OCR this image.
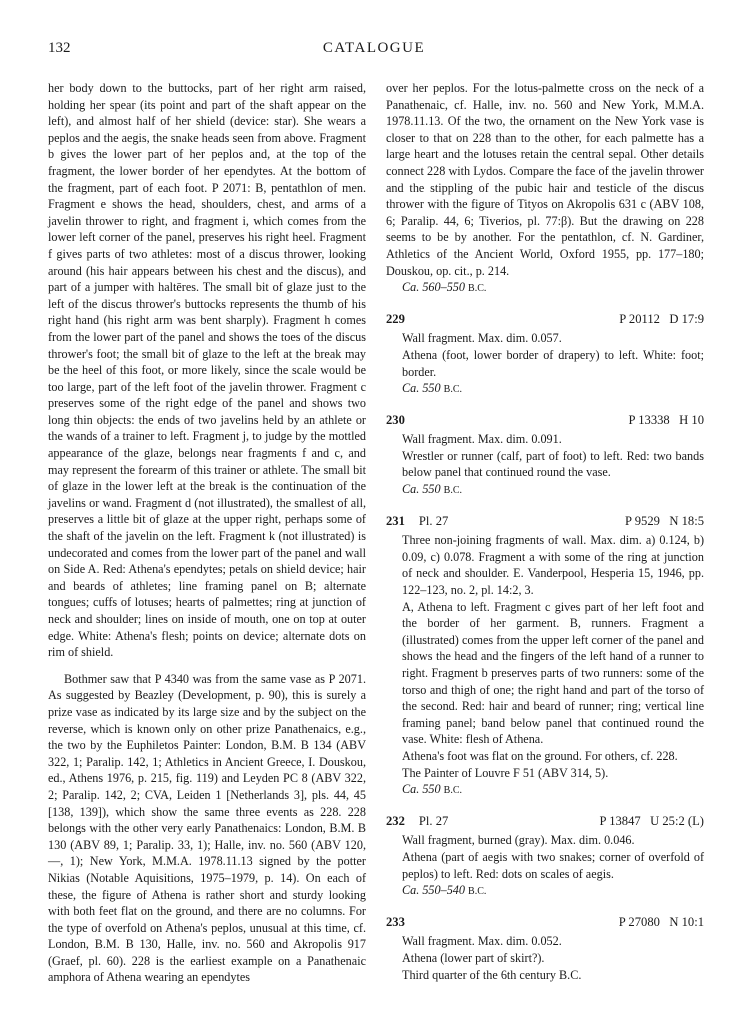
132	CATALOGUE

her body down to the buttocks, part of her right arm raised, holding her spear (its point and part of the shaft appear on the left), and almost half of her shield (device: star). She wears a peplos and the aegis, the snake heads seen from above. Fragment b gives the lower part of her peplos and, at the top of the fragment, the lower border of her ependytes. At the bottom of the fragment, part of each foot. P 2071: B, pentathlon of men. Fragment e shows the head, shoulders, chest, and arms of a javelin thrower to right, and fragment i, which comes from the lower left corner of the panel, preserves his right heel. Fragment f gives parts of two athletes: most of a discus thrower, looking around (his hair appears between his chest and the discus), and part of a jumper with haltēres. The small bit of glaze just to the left of the discus thrower's buttocks represents the thumb of his right hand (his right arm was bent sharply). Fragment h comes from the lower part of the panel and shows the toes of the discus thrower's foot; the small bit of glaze to the left at the break may be the heel of this foot, or more likely, since the scale would be too large, part of the left foot of the javelin thrower. Fragment c preserves some of the right edge of the panel and shows two long thin objects: the ends of two javelins held by an athlete or the wands of a trainer to left. Fragment j, to judge by the mottled appearance of the glaze, belongs near fragments f and c, and may represent the forearm of this trainer or athlete. The small bit of glaze in the lower left at the break is the continuation of the javelins or wand. Fragment d (not illustrated), the smallest of all, preserves a little bit of glaze at the upper right, perhaps some of the shaft of the javelin on the left. Fragment k (not illustrated) is undecorated and comes from the lower part of the panel and wall on Side A. Red: Athena's ependytes; petals on shield device; hair and beards of athletes; line framing panel on B; alternate tongues; cuffs of lotuses; hearts of palmettes; ring at junction of neck and shoulder; lines on inside of mouth, one on top at outer edge. White: Athena's flesh; points on device; alternate dots on rim of shield.

Bothmer saw that P 4340 was from the same vase as P 2071. As suggested by Beazley (Development, p. 90), this is surely a prize vase as indicated by its large size and by the subject on the reverse, which is known only on other prize Panathenaics, e.g., the two by the Euphiletos Painter: London, B.M. B 134 (ABV 322, 1; Paralip. 142, 1; Athletics in Ancient Greece, I. Douskou, ed., Athens 1976, p. 215, fig. 119) and Leyden PC 8 (ABV 322, 2; Paralip. 142, 2; CVA, Leiden 1 [Netherlands 3], pls. 44, 45 [138, 139]), which show the same three events as 228. 228 belongs with the other very early Panathenaics: London, B.M. B 130 (ABV 89, 1; Paralip. 33, 1); Halle, inv. no. 560 (ABV 120, —, 1); New York, M.M.A. 1978.11.13 signed by the potter Nikias (Notable Aquisitions, 1975–1979, p. 14). On each of these, the figure of Athena is rather short and sturdy looking with both feet flat on the ground, and there are no columns. For the type of overfold on Athena's peplos, unusual at this time, cf. London, B.M. B 130, Halle, inv. no. 560 and Akropolis 917 (Graef, pl. 60). 228 is the earliest example on a Panathenaic amphora of Athena wearing an ependytes

over her peplos. For the lotus-palmette cross on the neck of a Panathenaic, cf. Halle, inv. no. 560 and New York, M.M.A. 1978.11.13. Of the two, the ornament on the New York vase is closer to that on 228 than to the other, for each palmette has a large heart and the lotuses retain the central sepal. Other details connect 228 with Lydos. Compare the face of the javelin thrower and the stippling of the pubic hair and testicle of the discus thrower with the figure of Tityos on Akropolis 631 c (ABV 108, 6; Paralip. 44, 6; Tiverios, pl. 77:β). But the drawing on 228 seems to be by another. For the pentathlon, cf. N. Gardiner, Athletics of the Ancient World, Oxford 1955, pp. 177–180; Douskou, op. cit., p. 214.

Ca. 560–550 B.C.
229	P 20112   D 17:9

Wall fragment. Max. dim. 0.057.

Athena (foot, lower border of drapery) to left. White: foot; border.

Ca. 550 B.C.
230	P 13338   H 10

Wall fragment. Max. dim. 0.091.

Wrestler or runner (calf, part of foot) to left. Red: two bands below panel that continued round the vase.

Ca. 550 B.C.
231 Pl. 27	P 9529   N 18:5

Three non-joining fragments of wall. Max. dim. a) 0.124, b) 0.09, c) 0.078. Fragment a with some of the ring at junction of neck and shoulder. E. Vanderpool, Hesperia 15, 1946, pp. 122–123, no. 2, pl. 14:2, 3.

A, Athena to left. Fragment c gives part of her left foot and the border of her garment. B, runners. Fragment a (illustrated) comes from the upper left corner of the panel and shows the head and the fingers of the left hand of a runner to right. Fragment b preserves parts of two runners: some of the torso and thigh of one; the right hand and part of the torso of the second. Red: hair and beard of runner; ring; vertical line framing panel; band below panel that continued round the vase. White: flesh of Athena.

Athena's foot was flat on the ground. For others, cf. 228.

The Painter of Louvre F 51 (ABV 314, 5).

Ca. 550 B.C.
232 Pl. 27	P 13847   U 25:2 (L)

Wall fragment, burned (gray). Max. dim. 0.046.

Athena (part of aegis with two snakes; corner of overfold of peplos) to left. Red: dots on scales of aegis.

Ca. 550–540 B.C.
233	P 27080   N 10:1

Wall fragment. Max. dim. 0.052.

Athena (lower part of skirt?).

Third quarter of the 6th century B.C.
